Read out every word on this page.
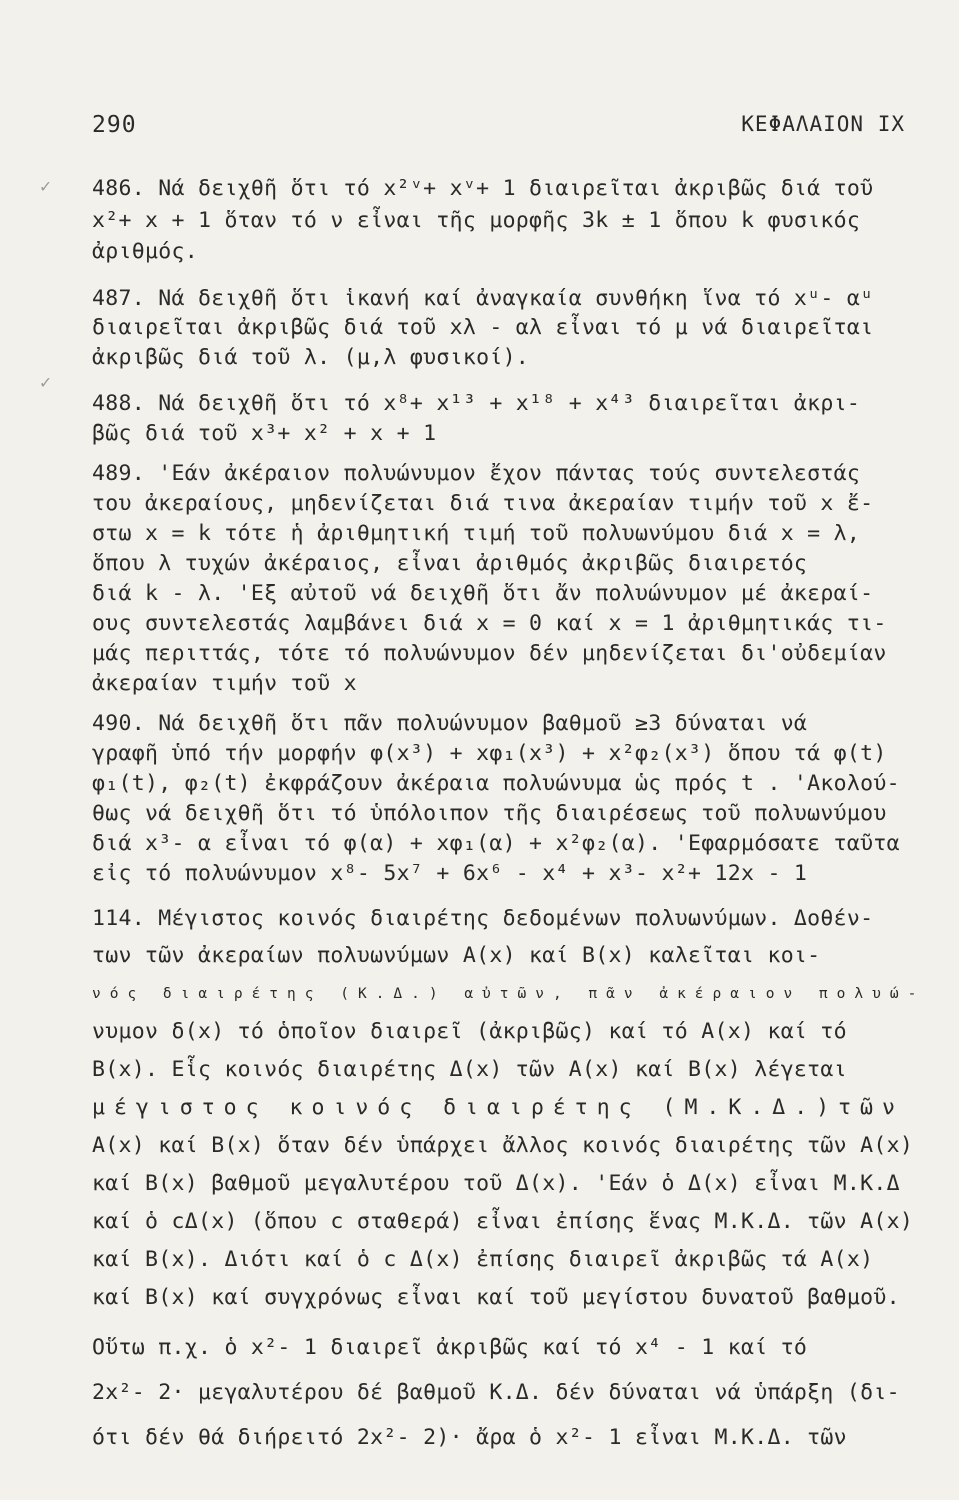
290	ΚΕΦΑΛΑΙΟΝ IX
✓
✓
486. Νά δειχθῆ ὅτι τό x²ᵛ+ xᵛ+ 1 διαιρεῖται ἀκριβῶς διά τοῦ
x²+ x + 1 ὅταν τό ν εἶναι τῆς μορφῆς 3k ± 1 ὅπου k φυσικός
ἀριθμός.
487. Νά δειχθῆ ὅτι ἱκανή καί ἀναγκαία συνθήκη ἵνα τό xᵘ- αᵘ
διαιρεῖται ἀκριβῶς διά τοῦ xλ - αλ εἶναι τό μ νά διαιρεῖται
ἀκριβῶς διά τοῦ λ. (μ,λ φυσικοί).
488. Νά δειχθῆ ὅτι τό x⁸+ x¹³ + x¹⁸ + x⁴³ διαιρεῖται ἀκρι-
βῶς διά τοῦ x³+ x² + x + 1
489. 'Εάν ἀκέραιον πολυώνυμον ἔχον πάντας τούς συντελεστάς
του ἀκεραίους, μηδενίζεται διά τινα ἀκεραίαν τιμήν τοῦ x ἔ-
στω x = k τότε ἡ ἀριθμητική τιμή τοῦ πολυωνύμου διά x = λ,
ὅπου λ τυχών ἀκέραιος, εἶναι ἀριθμός ἀκριβῶς διαιρετός
διά k - λ. 'Εξ αὐτοῦ νά δειχθῆ ὅτι ἄν πολυώνυμον μέ ἀκεραί-
ους συντελεστάς λαμβάνει διά x = 0 καί x = 1 ἀριθμητικάς τι-
μάς περιττάς, τότε τό πολυώνυμον δέν μηδενίζεται δι'οὐδεμίαν
ἀκεραίαν τιμήν τοῦ x
490. Νά δειχθῆ ὅτι πᾶν πολυώνυμον βαθμοῦ ≥3 δύναται νά
γραφῆ ὑπό τήν μορφήν φ(x³) + xφ₁(x³) + x²φ₂(x³) ὅπου τά φ(t)
φ₁(t), φ₂(t) ἐκφράζουν ἀκέραια πολυώνυμα ὡς πρός t . 'Ακολού-
θως νά δειχθῆ ὅτι τό ὑπόλοιπον τῆς διαιρέσεως τοῦ πολυωνύμου
διά x³- α εἶναι τό φ(α) + xφ₁(α) + x²φ₂(α). 'Εφαρμόσατε ταῦτα
εἰς τό πολυώνυμον x⁸- 5x⁷ + 6x⁶ - x⁴ + x³- x²+ 12x - 1
114. Μέγιστος κοινός διαιρέτης δεδομένων πολυωνύμων. Δοθέν-
των τῶν ἀκεραίων πολυωνύμων A(x) καί B(x) καλεῖται κοι-
νός διαιρέτης (Κ.Δ.) αὐτῶν, πᾶν ἀκέραιον πολυώ-
νυμον δ(x) τό ὁποῖον διαιρεῖ (ἀκριβῶς) καί τό A(x) καί τό
B(x). Εἷς κοινός διαιρέτης Δ(x) τῶν A(x) καί B(x) λέγεται
μέγιστος κοινός διαιρέτης (Μ.Κ.Δ.)τῶν
A(x) καί B(x) ὅταν δέν ὑπάρχει ἄλλος κοινός διαιρέτης τῶν A(x)
καί B(x) βαθμοῦ μεγαλυτέρου τοῦ Δ(x). 'Εάν ὁ Δ(x) εἶναι Μ.Κ.Δ
καί ὁ cΔ(x) (ὅπου c σταθερά) εἶναι ἐπίσης ἕνας Μ.Κ.Δ. τῶν A(x)
καί B(x). Διότι καί ὁ c Δ(x) ἐπίσης διαιρεῖ ἀκριβῶς τά A(x)
καί B(x) καί συγχρόνως εἶναι καί τοῦ μεγίστου δυνατοῦ βαθμοῦ.
Οὕτω π.χ. ὁ x²- 1 διαιρεῖ ἀκριβῶς καί τό x⁴ - 1 καί τό
2x²- 2· μεγαλυτέρου δέ βαθμοῦ Κ.Δ. δέν δύναται νά ὑπάρξη (δι-
ότι δέν θά διήρειτό 2x²- 2)· ἄρα ὁ x²- 1 εἶναι Μ.Κ.Δ. τῶν
